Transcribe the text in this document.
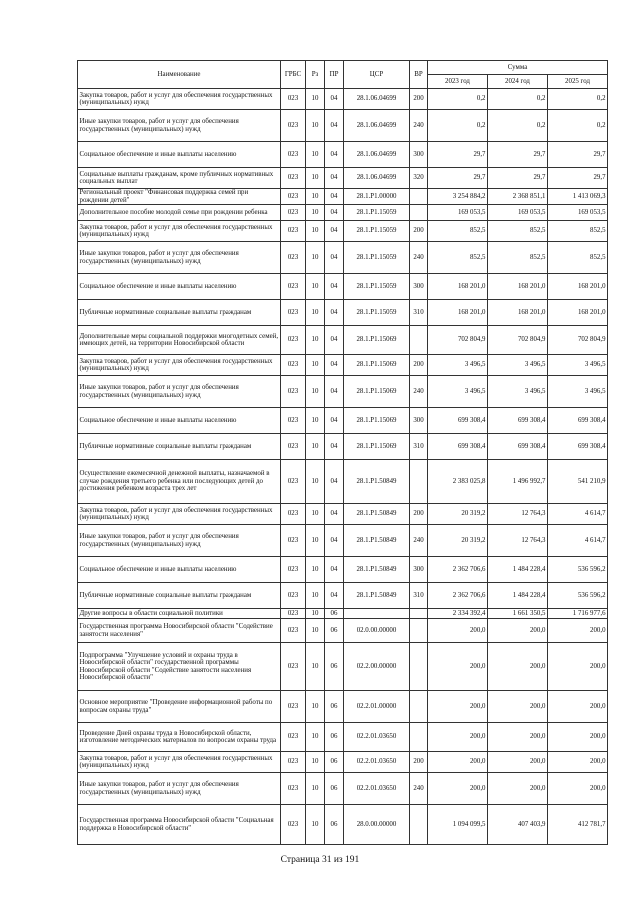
Наименование	ГРБС	Рз	ПР	ЦСР	ВР	Сумма		
						2023 год	2024 год	2025 год
Закупка товаров, работ и услуг для обеспечения государственных (муниципальных) нужд	023	10	04	28.1.06.04699	200	0,2	0,2	0,2
Иные закупки товаров, работ и услуг для обеспечения государственных (муниципальных) нужд	023	10	04	28.1.06.04699	240	0,2	0,2	0,2
Социальное обеспечение и иные выплаты населению	023	10	04	28.1.06.04699	300	29,7	29,7	29,7
Социальные выплаты гражданам, кроме публичных нормативных социальных выплат	023	10	04	28.1.06.04699	320	29,7	29,7	29,7
Региональный проект "Финансовая поддержка семей при рождении детей"	023	10	04	28.1.P1.00000		3 254 884,2	2 368 851,1	1 413 069,3
Дополнительное пособие молодой семье при рождении ребенка	023	10	04	28.1.P1.15059		169 053,5	169 053,5	169 053,5
Закупка товаров, работ и услуг для обеспечения государственных (муниципальных) нужд	023	10	04	28.1.P1.15059	200	852,5	852,5	852,5
Иные закупки товаров, работ и услуг для обеспечения государственных (муниципальных) нужд	023	10	04	28.1.P1.15059	240	852,5	852,5	852,5
Социальное обеспечение и иные выплаты населению	023	10	04	28.1.P1.15059	300	168 201,0	168 201,0	168 201,0
Публичные нормативные социальные выплаты гражданам	023	10	04	28.1.P1.15059	310	168 201,0	168 201,0	168 201,0
Дополнительные меры социальной поддержки многодетных семей, имеющих детей, на территории Новосибирской области	023	10	04	28.1.P1.15069		702 804,9	702 804,9	702 804,9
Закупка товаров, работ и услуг для обеспечения государственных (муниципальных) нужд	023	10	04	28.1.P1.15069	200	3 496,5	3 496,5	3 496,5
Иные закупки товаров, работ и услуг для обеспечения государственных (муниципальных) нужд	023	10	04	28.1.P1.15069	240	3 496,5	3 496,5	3 496,5
Социальное обеспечение и иные выплаты населению	023	10	04	28.1.P1.15069	300	699 308,4	699 308,4	699 308,4
Публичные нормативные социальные выплаты гражданам	023	10	04	28.1.P1.15069	310	699 308,4	699 308,4	699 308,4
Осуществление ежемесячной денежной выплаты, назначаемой в случае рождения третьего ребенка или последующих детей до достижения ребенком возраста трех лет	023	10	04	28.1.P1.50849		2 383 025,8	1 496 992,7	541 210,9
Закупка товаров, работ и услуг для обеспечения государственных (муниципальных) нужд	023	10	04	28.1.P1.50849	200	20 319,2	12 764,3	4 614,7
Иные закупки товаров, работ и услуг для обеспечения государственных (муниципальных) нужд	023	10	04	28.1.P1.50849	240	20 319,2	12 764,3	4 614,7
Социальное обеспечение и иные выплаты населению	023	10	04	28.1.P1.50849	300	2 362 706,6	1 484 228,4	536 596,2
Публичные нормативные социальные выплаты гражданам	023	10	04	28.1.P1.50849	310	2 362 706,6	1 484 228,4	536 596,2
Другие вопросы в области социальной политики	023	10	06			2 334 392,4	1 661 350,5	1 716 977,6
Государственная программа Новосибирской области "Содействие занятости населения"	023	10	06	02.0.00.00000		200,0	200,0	200,0
Подпрограмма "Улучшение условий и охраны труда в Новосибирской области" государственной программы Новосибирской области "Содействие занятости населения Новосибирской области"	023	10	06	02.2.00.00000		200,0	200,0	200,0
Основное мероприятие "Проведение информационной работы по вопросам охраны труда"	023	10	06	02.2.01.00000		200,0	200,0	200,0
Проведение Дней охраны труда в Новосибирской области, изготовление методических материалов по вопросам охраны труда	023	10	06	02.2.01.03650		200,0	200,0	200,0
Закупка товаров, работ и услуг для обеспечения государственных (муниципальных) нужд	023	10	06	02.2.01.03650	200	200,0	200,0	200,0
Иные закупки товаров, работ и услуг для обеспечения государственных (муниципальных) нужд	023	10	06	02.2.01.03650	240	200,0	200,0	200,0
Государственная программа Новосибирской области "Социальная поддержка в Новосибирской области"	023	10	06	28.0.00.00000		1 094 099,5	407 403,9	412 781,7
Страница 31 из 191
